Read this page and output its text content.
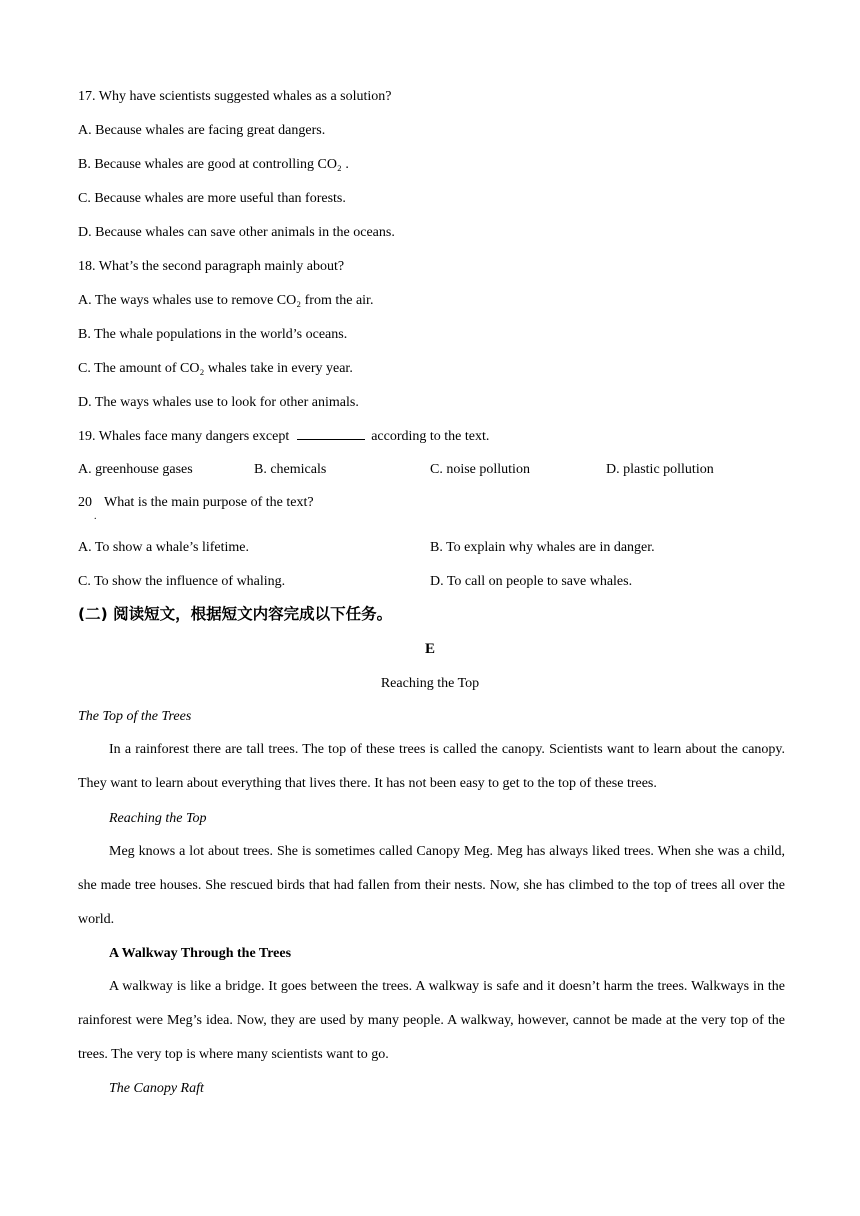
17. Why have scientists suggested whales as a solution?
A. Because whales are facing great dangers.
B. Because whales are good at controlling CO₂ .
C. Because whales are more useful than forests.
D. Because whales can save other animals in the oceans.
18. What’s the second paragraph mainly about?
A. The ways whales use to remove CO₂ from the air.
B. The whale populations in the world’s oceans.
C. The amount of CO₂ whales take in every year.
D. The ways whales use to look for other animals.
19. Whales face many dangers except	according to the text.
A. greenhouse gases	B. chemicals	C. noise pollution	D. plastic pollution
20
.
What is the main purpose of the text?
A. To show a whale’s lifetime.	B. To explain why whales are in danger.
C. To show the influence of whaling.	D. To call on people to save whales.
(二) 阅读短文，根据短文内容完成以下任务。
E
Reaching the Top
The Top of the Trees

In a rainforest there are tall trees. The top of these trees is called the canopy. Scientists want to learn about the canopy. They want to learn about everything that lives there. It has not been easy to get to the top of these trees.

Reaching the Top

Meg knows a lot about trees. She is sometimes called Canopy Meg. Meg has always liked trees. When she was a child, she made tree houses. She rescued birds that had fallen from their nests. Now, she has climbed to the top of trees all over the world.

A Walkway Through the Trees

A walkway is like a bridge. It goes between the trees. A walkway is safe and it doesn’t harm the trees. Walkways in the rainforest were Meg’s idea. Now, they are used by many people. A walkway, however, cannot be made at the very top of the trees. The very top is where many scientists want to go.

The Canopy Raft
